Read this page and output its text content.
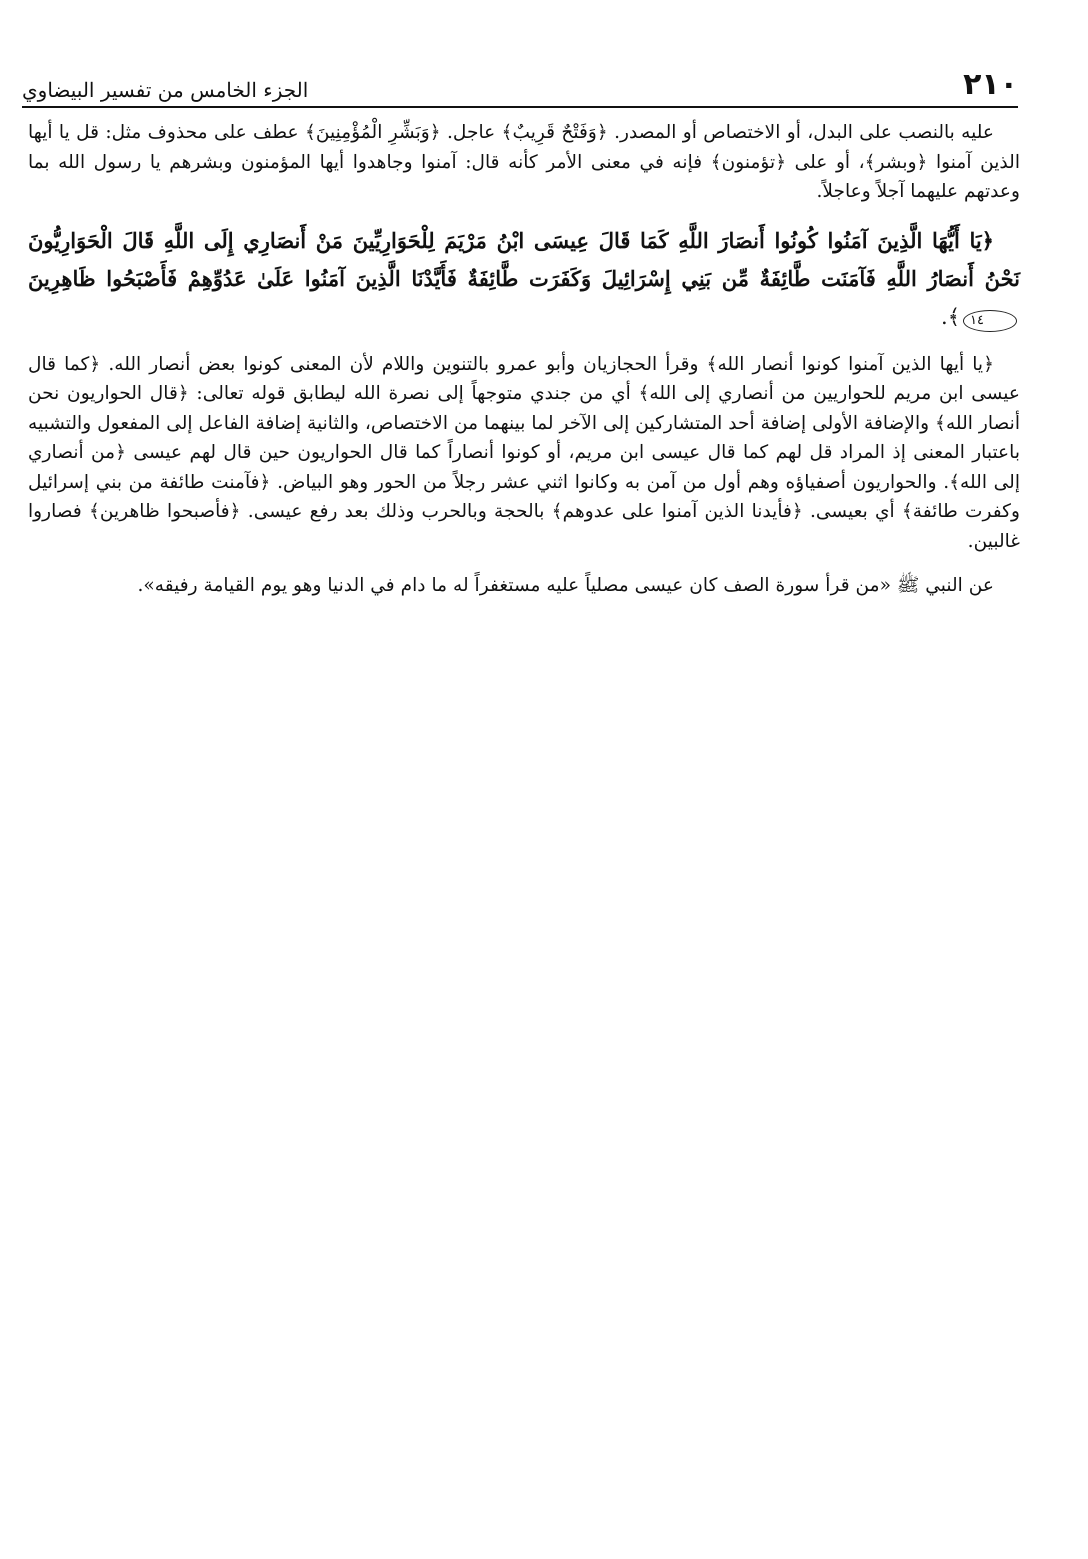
٢١٠
الجزء الخامس من تفسير البيضاوي

عليه بالنصب على البدل، أو الاختصاص أو المصدر. ﴿وَفَتْحٌ قَرِيبٌ﴾ عاجل. ﴿وَبَشِّرِ الْمُؤْمِنِينَ﴾ عطف على محذوف مثل: قل يا أيها الذين آمنوا ﴿وبشر﴾، أو على ﴿تؤمنون﴾ فإنه في معنى الأمر كأنه قال: آمنوا وجاهدوا أيها المؤمنون وبشرهم يا رسول الله بما وعدتهم عليهما آجلاً وعاجلاً.

﴿يَا أَيُّهَا الَّذِينَ آمَنُوا كُونُوا أَنصَارَ اللَّهِ كَمَا قَالَ عِيسَى ابْنُ مَرْيَمَ لِلْحَوَارِيِّينَ مَنْ أَنصَارِي إِلَى اللَّهِ قَالَ الْحَوَارِيُّونَ نَحْنُ أَنصَارُ اللَّهِ فَآمَنَت طَّائِفَةٌ مِّن بَنِي إِسْرَائِيلَ وَكَفَرَت طَّائِفَةٌ فَأَيَّدْنَا الَّذِينَ آمَنُوا عَلَىٰ عَدُوِّهِمْ فَأَصْبَحُوا ظَاهِرِينَ ١٤﴾.

﴿يا أيها الذين آمنوا كونوا أنصار الله﴾ وقرأ الحجازيان وأبو عمرو بالتنوين واللام لأن المعنى كونوا بعض أنصار الله. ﴿كما قال عيسى ابن مريم للحواريين من أنصاري إلى الله﴾ أي من جندي متوجهاً إلى نصرة الله ليطابق قوله تعالى: ﴿قال الحواريون نحن أنصار الله﴾ والإضافة الأولى إضافة أحد المتشاركين إلى الآخر لما بينهما من الاختصاص، والثانية إضافة الفاعل إلى المفعول والتشبيه باعتبار المعنى إذ المراد قل لهم كما قال عيسى ابن مريم، أو كونوا أنصاراً كما قال الحواريون حين قال لهم عيسى ﴿من أنصاري إلى الله﴾. والحواريون أصفياؤه وهم أول من آمن به وكانوا اثني عشر رجلاً من الحور وهو البياض. ﴿فآمنت طائفة من بني إسرائيل وكفرت طائفة﴾ أي بعيسى. ﴿فأيدنا الذين آمنوا على عدوهم﴾ بالحجة وبالحرب وذلك بعد رفع عيسى. ﴿فأصبحوا ظاهرين﴾ فصاروا غالبين.

عن النبي ﷺ «من قرأ سورة الصف كان عيسى مصلياً عليه مستغفراً له ما دام في الدنيا وهو يوم القيامة رفيقه».
